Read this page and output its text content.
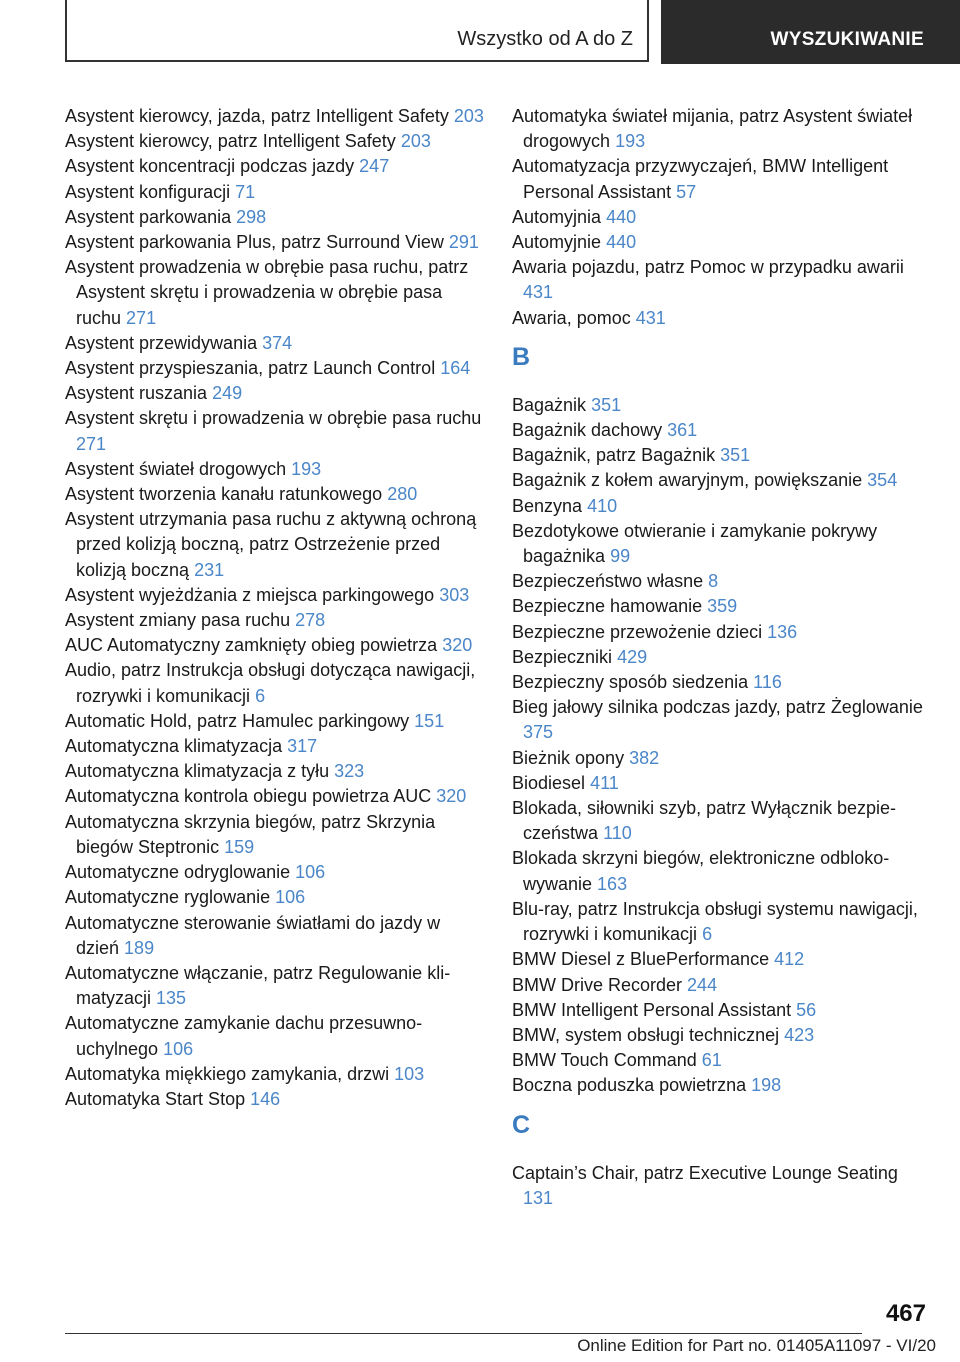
Wszystko od A do Z	WYSZUKIWANIE
Asystent kierowcy, jazda, patrz Intelligent Safety 203
Asystent kierowcy, patrz Intelligent Safety 203
Asystent koncentracji podczas jazdy 247
Asystent konfiguracji 71
Asystent parkowania 298
Asystent parkowania Plus, patrz Surround View 291
Asystent prowadzenia w obrębie pasa ruchu, patrz Asystent skrętu i prowadzenia w obrębie pasa ruchu 271
Asystent przewidywania 374
Asystent przyspieszania, patrz Launch Control 164
Asystent ruszania 249
Asystent skrętu i prowadzenia w obrębie pasa ruchu 271
Asystent świateł drogowych 193
Asystent tworzenia kanału ratunkowego 280
Asystent utrzymania pasa ruchu z aktywną ochroną przed kolizją boczną, patrz Ostrzeżenie przed kolizją boczną 231
Asystent wyjeżdżania z miejsca parkingowego 303
Asystent zmiany pasa ruchu 278
AUC Automatyczny zamknięty obieg powietrza 320
Audio, patrz Instrukcja obsługi dotycząca nawigacji, rozrywki i komunikacji 6
Automatic Hold, patrz Hamulec parkingowy 151
Automatyczna klimatyzacja 317
Automatyczna klimatyzacja z tyłu 323
Automatyczna kontrola obiegu powietrza AUC 320
Automatyczna skrzynia biegów, patrz Skrzynia biegów Steptronic 159
Automatyczne odryglowanie 106
Automatyczne ryglowanie 106
Automatyczne sterowanie światłami do jazdy w dzień 189
Automatyczne włączanie, patrz Regulowanie klimatyzacji 135
Automatyczne zamykanie dachu przesuwno-uchylnego 106
Automatyka miękkiego zamykania, drzwi 103
Automatyka Start Stop 146
Automatyka świateł mijania, patrz Asystent świateł drogowych 193
Automatyzacja przyzwyczajeń, BMW Intelligent Personal Assistant 57
Automyjnia 440
Automyjnie 440
Awaria pojazdu, patrz Pomoc w przypadku awarii 431
Awaria, pomoc 431
B
Bagażnik 351
Bagażnik dachowy 361
Bagażnik, patrz Bagażnik 351
Bagażnik z kołem awaryjnym, powiększanie 354
Benzyna 410
Bezdotykowe otwieranie i zamykanie pokrywy bagażnika 99
Bezpieczeństwo własne 8
Bezpieczne hamowanie 359
Bezpieczne przewożenie dzieci 136
Bezpieczniki 429
Bezpieczny sposób siedzenia 116
Bieg jałowy silnika podczas jazdy, patrz Żeglowanie 375
Bieżnik opony 382
Biodiesel 411
Blokada, siłowniki szyb, patrz Wyłącznik bezpieczeństwa 110
Blokada skrzyni biegów, elektroniczne odblokowywanie 163
Blu-ray, patrz Instrukcja obsługi systemu nawigacji, rozrywki i komunikacji 6
BMW Diesel z BluePerformance 412
BMW Drive Recorder 244
BMW Intelligent Personal Assistant 56
BMW, system obsługi technicznej 423
BMW Touch Command 61
Boczna poduszka powietrzna 198
C
Captain’s Chair, patrz Executive Lounge Seating 131
467
Online Edition for Part no. 01405A11097 - VI/20
